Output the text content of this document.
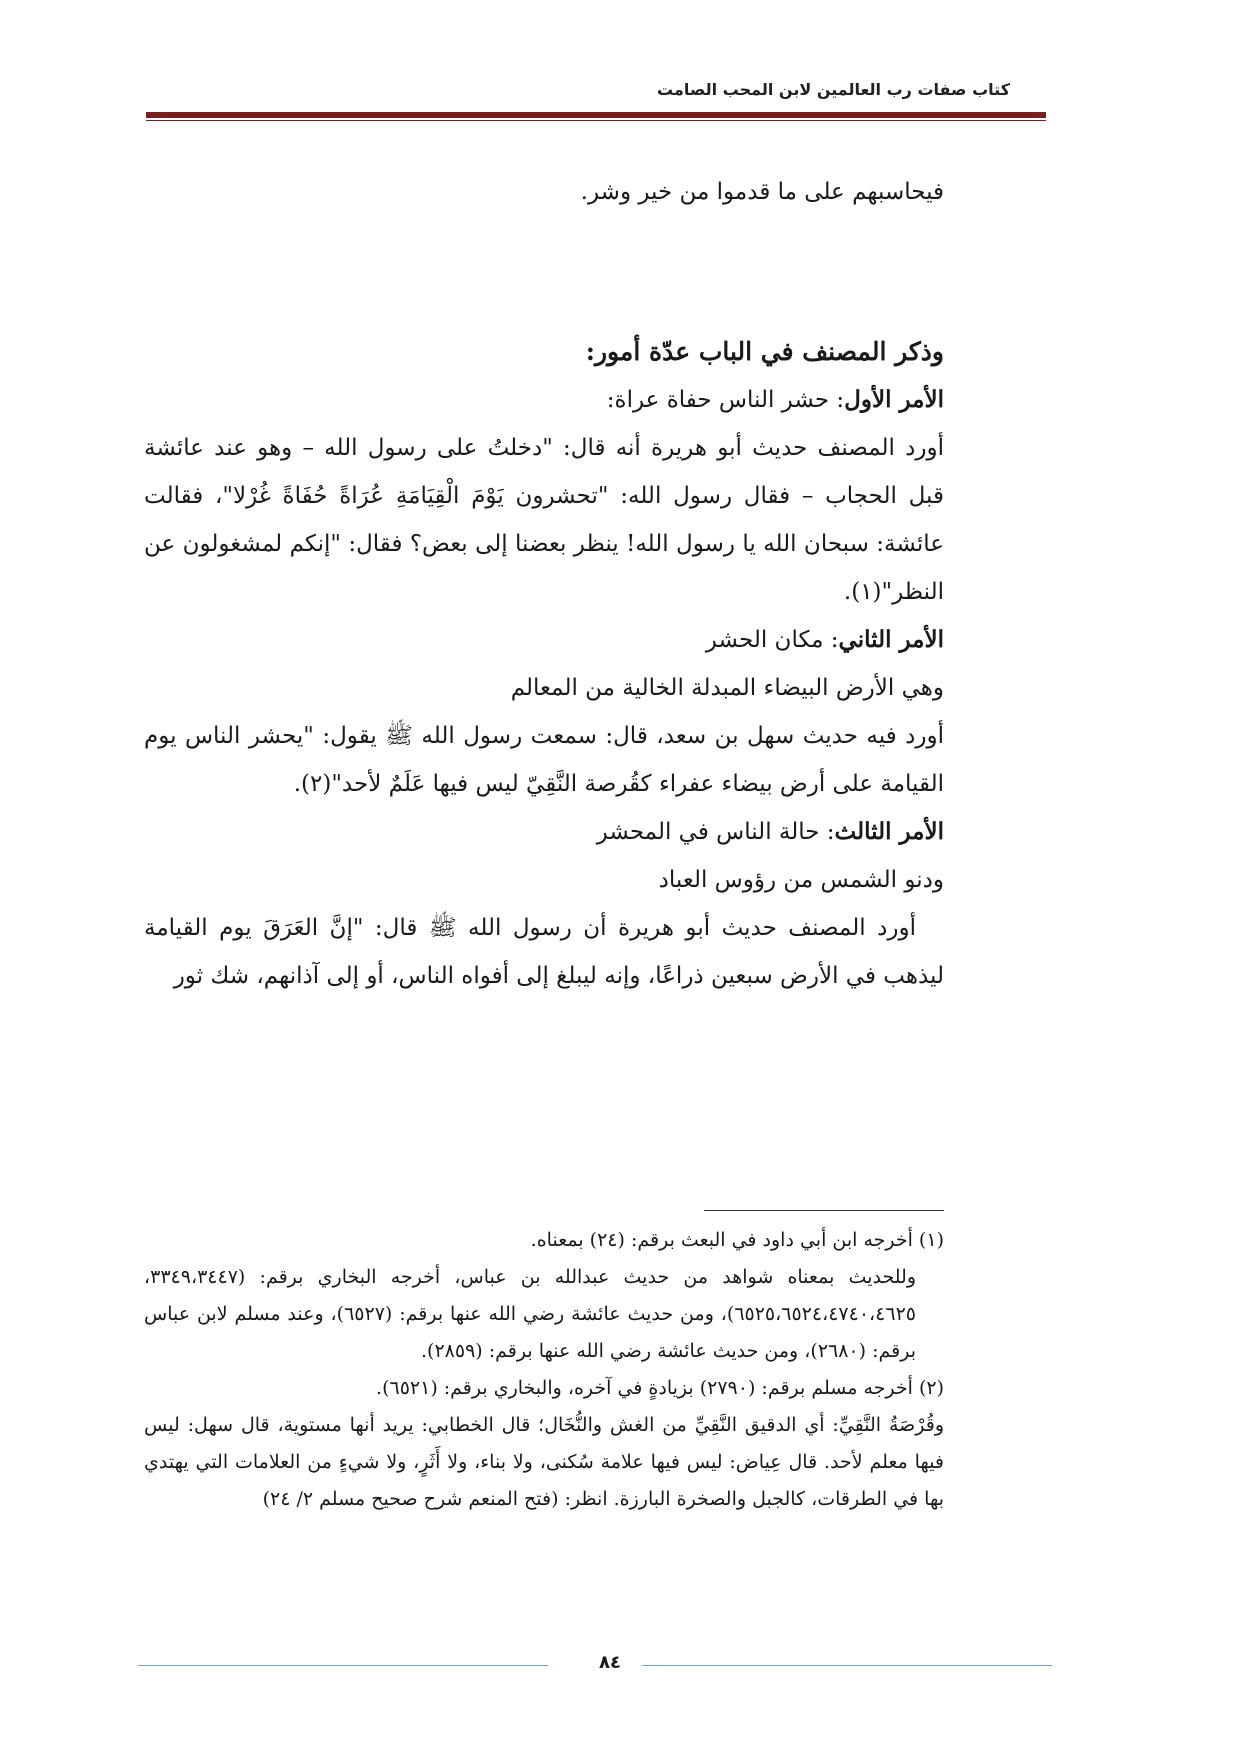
كتاب صفات رب العالمين لابن المحب الصامت

فيحاسبهم على ما قدموا من خير وشر.

وذكر المصنف في الباب عدّة أمور:

الأمر الأول: حشر الناس حفاة عراة:

أورد المصنف حديث أبو هريرة أنه قال: "دخلتُ على رسول الله – وهو عند عائشة قبل الحجاب – فقال رسول الله: "تحشرون يَوْمَ الْقِيَامَةِ عُرَاةً حُفَاةً غُرْلا"، فقالت عائشة: سبحان الله يا رسول الله! ينظر بعضنا إلى بعض؟ فقال: "إنكم لمشغولون عن النظر"(١).

الأمر الثاني: مكان الحشر

وهي الأرض البيضاء المبدلة الخالية من المعالم

أورد فيه حديث سهل بن سعد، قال: سمعت رسول الله ﷺ يقول: "يحشر الناس يوم القيامة على أرض بيضاء عفراء كقُرصة النَّقِيّ ليس فيها عَلَمٌ لأحد"(٢).

الأمر الثالث: حالة الناس في المحشر

ودنو الشمس من رؤوس العباد

أورد المصنف حديث أبو هريرة أن رسول الله ﷺ قال: "إنَّ العَرَقَ يوم القيامة ليذهب في الأرض سبعين ذراعًا، وإنه ليبلغ إلى أفواه الناس، أو إلى آذانهم، شك ثور

(١) أخرجه ابن أبي داود في البعث برقم: (٢٤) بمعناه.

وللحديث بمعناه شواهد من حديث عبدالله بن عباس، أخرجه البخاري برقم: (٣٣٤٩،٣٤٤٧، ٦٥٢٥،٦٥٢٤،٤٧٤٠،٤٦٢٥)، ومن حديث عائشة رضي الله عنها برقم: (٦٥٢٧)، وعند مسلم لابن عباس برقم: (٢٦٨٠)، ومن حديث عائشة رضي الله عنها برقم: (٢٨٥٩).

(٢) أخرجه مسلم برقم: (٢٧٩٠) بزيادةٍ في آخره، والبخاري برقم: (٦٥٢١).

وقُرْصَةُ النَّقِيِّ: أي الدقيق النَّقِيِّ من الغش والنُّخَال؛ قال الخطابي: يريد أنها مستوية، قال سهل: ليس فيها معلم لأحد. قال عِياض: ليس فيها علامة سُكنى، ولا بناء، ولا أَثَرٍ، ولا شيءٍ من العلامات التي يهتدي بها في الطرقات، كالجبل والصخرة البارزة. انظر: (فتح المنعم شرح صحيح مسلم ٢/ ٢٤)

٨٤
